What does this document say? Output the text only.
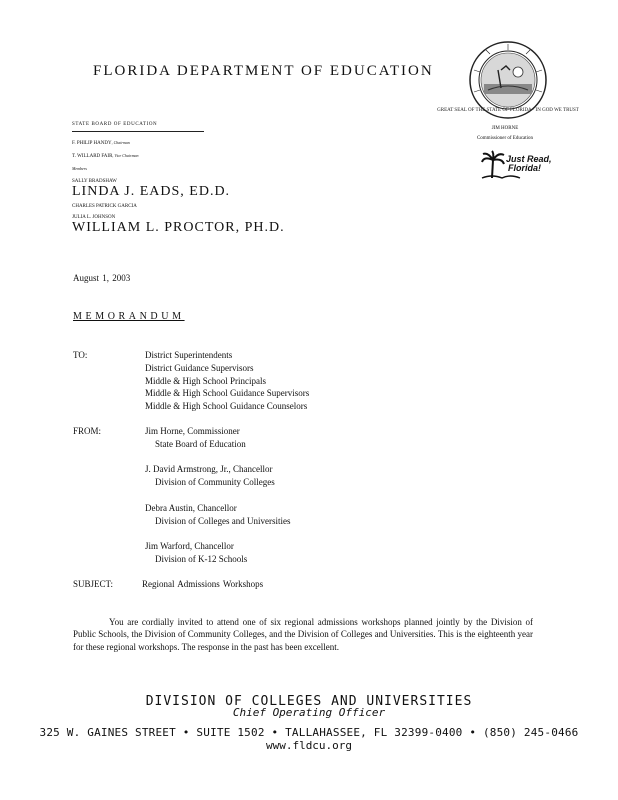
FLORIDA DEPARTMENT OF EDUCATION
GREAT SEAL OF THE STATE OF FLORIDA · IN GOD WE TRUST
STATE BOARD OF EDUCATION
F. PHILIP HANDY, Chairman
T. WILLARD FAIR, Vice Chairman
Members
SALLY BRADSHAW
LINDA J. EADS, ED.D.
CHARLES PATRICK GARCIA
JULIA L. JOHNSON
WILLIAM L. PROCTOR, PH.D.
JIM HORNE
Commissioner of Education
Just Read,
Florida!
August 1, 2003
MEMORANDUM
TO:	District Superintendents
District Guidance Supervisors
Middle & High School Principals
Middle & High School Guidance Supervisors
Middle & High School Guidance Counselors
FROM:	Jim Horne, Commissioner
State Board of Education
J. David Armstrong, Jr., Chancellor
Division of Community Colleges
Debra Austin, Chancellor
Division of Colleges and Universities
Jim Warford, Chancellor
Division of K-12 Schools
SUBJECT:	Regional Admissions Workshops
You are cordially invited to attend one of six regional admissions workshops planned jointly by the Division of Public Schools, the Division of Community Colleges, and the Division of Colleges and Universities. This is the eighteenth year for these regional workshops. The response in the past has been excellent.
DIVISION OF COLLEGES AND UNIVERSITIES
Chief Operating Officer
325 W. GAINES STREET • SUITE 1502 • TALLAHASSEE, FL 32399-0400 • (850) 245-0466
www.fldcu.org
